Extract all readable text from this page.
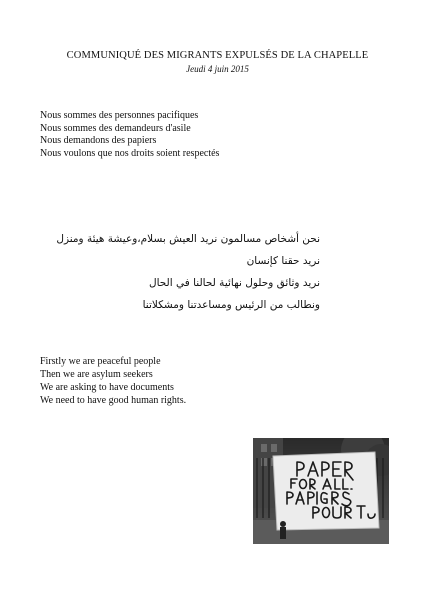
COMMUNIQUÉ DES MIGRANTS EXPULSÉS DE LA CHAPELLE
Jeudi 4 juin 2015
Nous sommes des personnes pacifiques
Nous sommes des demandeurs d'asile
Nous demandons des papiers
Nous voulons que nos droits soient respectés
نحن أشخاص مسالمون نريد العيش بسلام،وعيشة هيئة ومنزل
نريد حقنا كإنسان
نريد وثائق وحلول نهائية لحالنا في الحال
ونطالب من الرئيس ومساعدتنا ومشكلاتنا
Firstly we are peaceful people
Then we are asylum seekers
We are asking to have documents
We need to have good human rights.
